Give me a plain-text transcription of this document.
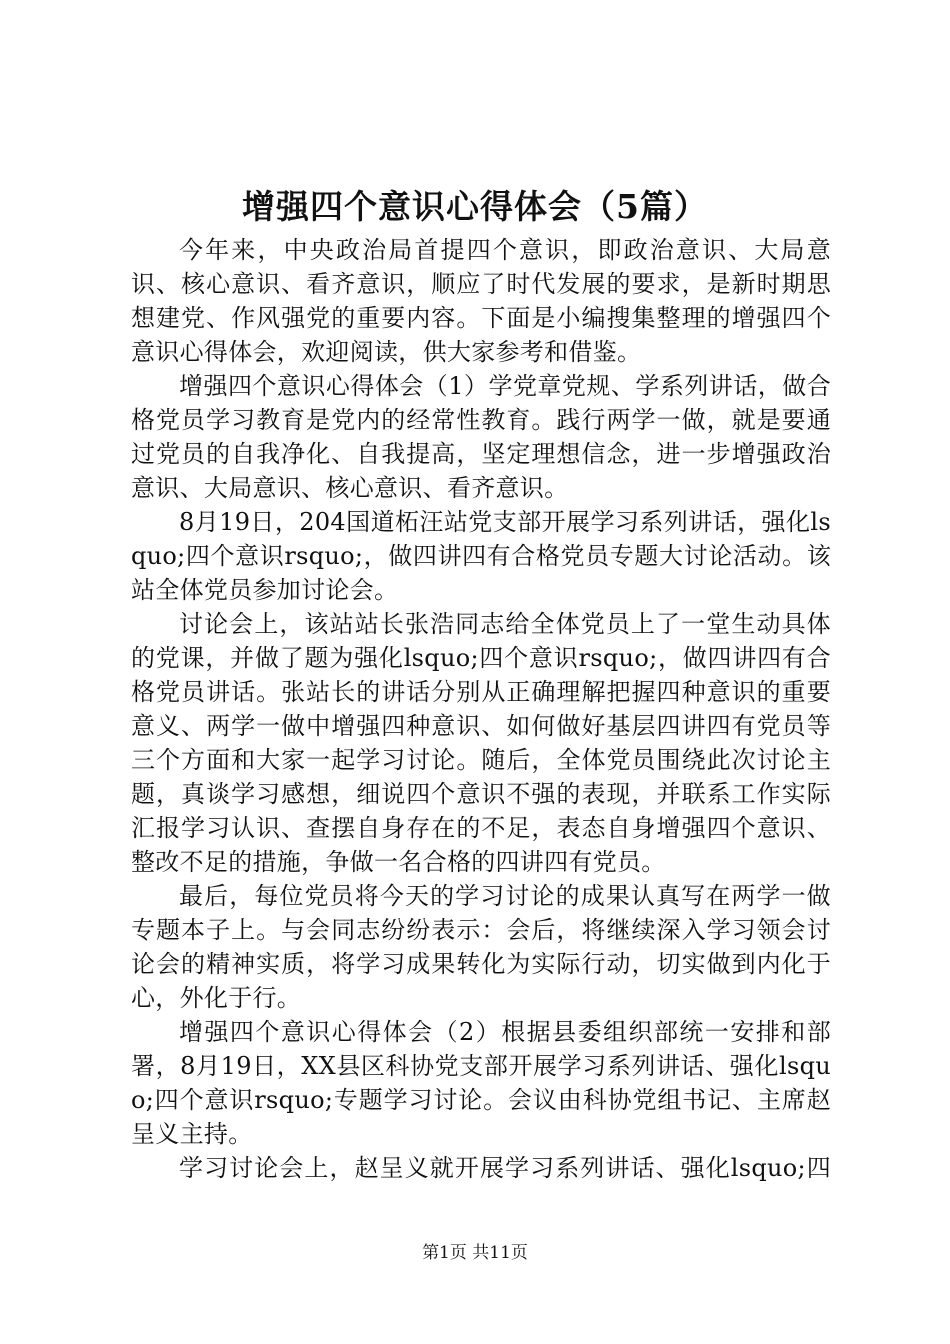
增强四个意识心得体会（5篇）

今年来，中央政治局首提四个意识，即政治意识、大局意识、核心意识、看齐意识，顺应了时代发展的要求，是新时期思想建党、作风强党的重要内容。下面是小编搜集整理的增强四个意识心得体会，欢迎阅读，供大家参考和借鉴。

增强四个意识心得体会（1）学党章党规、学系列讲话，做合格党员学习教育是党内的经常性教育。践行两学一做，就是要通过党员的自我净化、自我提高，坚定理想信念，进一步增强政治意识、大局意识、核心意识、看齐意识。

8月19日，204国道柘汪站党支部开展学习系列讲话，强化lsquo;四个意识rsquo;，做四讲四有合格党员专题大讨论活动。该站全体党员参加讨论会。

讨论会上，该站站长张浩同志给全体党员上了一堂生动具体的党课，并做了题为强化lsquo;四个意识rsquo;，做四讲四有合格党员讲话。张站长的讲话分别从正确理解把握四种意识的重要意义、两学一做中增强四种意识、如何做好基层四讲四有党员等三个方面和大家一起学习讨论。随后，全体党员围绕此次讨论主题，真谈学习感想，细说四个意识不强的表现，并联系工作实际汇报学习认识、查摆自身存在的不足，表态自身增强四个意识、整改不足的措施，争做一名合格的四讲四有党员。

最后，每位党员将今天的学习讨论的成果认真写在两学一做专题本子上。与会同志纷纷表示：会后，将继续深入学习领会讨论会的精神实质，将学习成果转化为实际行动，切实做到内化于心，外化于行。

增强四个意识心得体会（2）根据县委组织部统一安排和部署，8月19日，XX县区科协党支部开展学习系列讲话、强化lsquo;四个意识rsquo;专题学习讨论。会议由科协党组书记、主席赵呈义主持。

学习讨论会上，赵呈义就开展学习系列讲话、强化lsquo;四

第1页 共11页
